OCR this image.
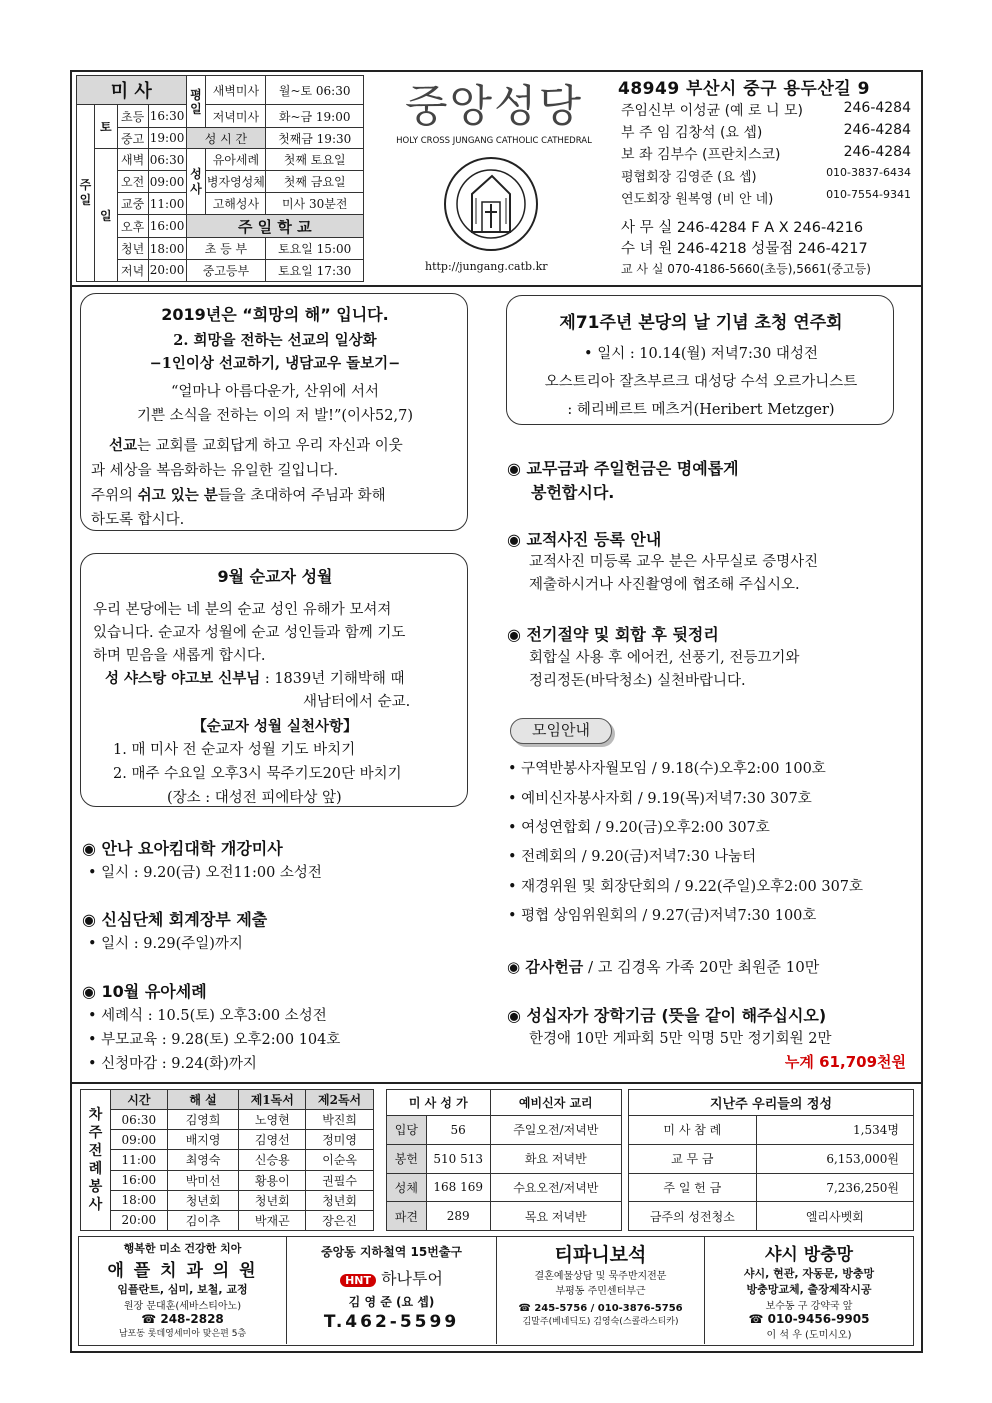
미 사				평일	새벽미사	월~토 06:30
주일	토	초등	16:30		저녁미사	화~금 19:00
		중고	19:00	성 시 간		첫째금 19:30
	일	새벽	06:30	성사	유아세례	첫째 토요일
		오전	09:00		병자영성체	첫째 금요일
		교중	11:00		고해성사	미사 30분전
		오후	16:00	주 일 학 교		
		청년	18:00	초 등 부		토요일 15:00
		저녁	20:00	중고등부		토요일 17:30
중앙성당
HOLY CROSS JUNGANG CATHOLIC CATHEDRAL
http://jungang.catb.kr
48949 부산시 중구 용두산길 9
주임신부 이성균 (예 로 니 모)	246-4284
부 주 임 김창석 (요 셉)	246-4284
보 좌 김부수 (프란치스코)	246-4284
평협회장 김영준 (요 셉)	010-3837-6434
연도회장 원복영 (비 안 네)	010-7554-9341
사 무 실 246-4284 F A X 246-4216
수 녀 원 246-4218 성물점 246-4217
교 사 실 070-4186-5660(초등),5661(중고등)
2019년은 “희망의 해” 입니다.
2. 희망을 전하는 선교의 일상화
−1인이상 선교하기, 냉담교우 돌보기−
“얼마나 아름다운가, 산위에 서서
기쁜 소식을 전하는 이의 저 발!”(이사52,7)
선교는 교회를 교회답게 하고 우리 자신과 이웃
과 세상을 복음화하는 유일한 길입니다.
주위의 쉬고 있는 분들을 초대하여 주님과 화해
하도록 합시다.
9월 순교자 성월
우리 본당에는 네 분의 순교 성인 유해가 모셔져
있습니다. 순교자 성월에 순교 성인들과 함께 기도
하며 믿음을 새롭게 합시다.
성 샤스탕 야고보 신부님 : 1839년 기해박해 때
새남터에서 순교.
【순교자 성월 실천사항】
1. 매 미사 전 순교자 성월 기도 바치기
2. 매주 수요일 오후3시 묵주기도20단 바치기
(장소 : 대성전 피에타상 앞)
◉ 안나 요아킴대학 개강미사
• 일시 : 9.20(금) 오전11:00 소성전
◉ 신심단체 회계장부 제출
• 일시 : 9.29(주일)까지
◉ 10월 유아세례
• 세례식 : 10.5(토) 오후3:00 소성전
• 부모교육 : 9.28(토) 오후2:00 104호
• 신청마감 : 9.24(화)까지
제71주년 본당의 날 기념 초청 연주회
• 일시 : 10.14(월) 저녁7:30 대성전
오스트리아 잘츠부르크 대성당 수석 오르가니스트
: 헤리베르트 메츠거(Heribert Metzger)
◉ 교무금과 주일헌금은 명예롭게
봉헌합시다.
◉ 교적사진 등록 안내
교적사진 미등록 교우 분은 사무실로 증명사진
제출하시거나 사진촬영에 협조해 주십시오.
◉ 전기절약 및 회합 후 뒷정리
회합실 사용 후 에어컨, 선풍기, 전등끄기와
정리정돈(바닥청소) 실천바랍니다.
모임안내
• 구역반봉사자월모임 / 9.18(수)오후2:00 100호
• 예비신자봉사자회 / 9.19(목)저녁7:30 307호
• 여성연합회 / 9.20(금)오후2:00 307호
• 전례회의 / 9.20(금)저녁7:30 나눔터
• 재경위원 및 회장단회의 / 9.22(주일)오후2:00 307호
• 평협 상임위원회의 / 9.27(금)저녁7:30 100호
◉ 감사헌금 / 고 김경옥 가족 20만 최원준 10만
◉ 성십자가 장학기금 (뜻을 같이 해주십시오)
한경애 10만 게파회 5만 익명 5만 정기회원 2만
누계 61,709천원
차주전례봉사	시간	해 설	제1독서	제2독서
	06:30	김영희	노영현	박진희
	09:00	배지영	김영선	정미영
	11:00	최영숙	신승용	이순옥
	16:00	박미선	황용이	권필수
	18:00	청년회	청년회	청년회
	20:00	김이추	박재곤	장은진
미 사 성 가		예비신자 교리
입당	56	주일오전/저녁반
봉헌	510 513	화요 저녁반
성체	168 169	수요오전/저녁반
파견	289	목요 저녁반
지난주 우리들의 정성	
미 사 참 례	1,534명
교 무 금	6,153,000원
주 일 헌 금	7,236,250원
금주의 성전청소	엘리사벳회
행복한 미소 건강한 치아
애 플 치 과 의 원
임플란트, 심미, 보철, 교정
원장 문대훈(세바스티아노)
☎ 248-2828
남포동 롯데영세미아 맞은편 5층
중앙동 지하철역 15번출구
HNT 하나투어
김 영 준 (요 셉)
T.462-5599
티파니보석
결혼예물상담 및 묵주반지전문
부평동 주민센터부근
☎ 245-5756 / 010-3876-5756
김말주(베네딕도) 김영숙(스콜라스티카)
샤시 방충망
샤시, 현관, 자동문, 방충망
방충망교체, 출장제작시공
보수동 구 강약국 앞
☎ 010-9456-9905
이 석 우 (도미시오)
